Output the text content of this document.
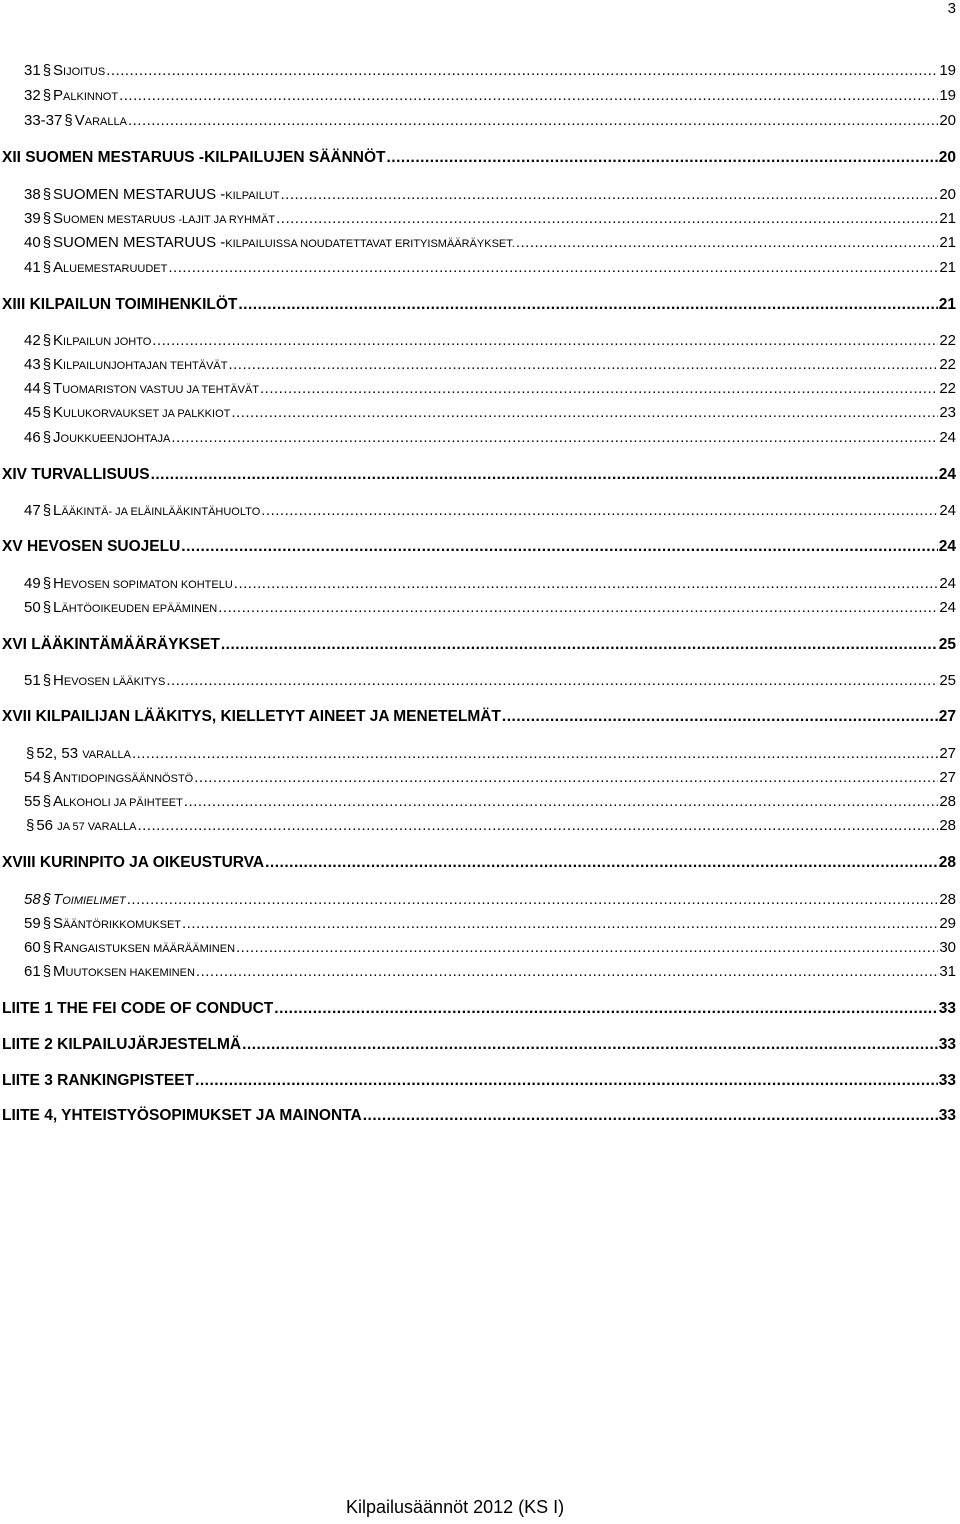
3
31 § SIJOITUS .....	19
32 § PALKINNOT .....	19
33-37 § VARALLA .....	20
XII SUOMEN MESTARUUS -KILPAILUJEN SÄÄNNÖT .....	20
38 § SUOMEN MESTARUUS -KILPAILUT .....	20
39 § SUOMEN MESTARUUS -LAJIT JA RYHMÄT .....	21
40 § SUOMEN MESTARUUS -KILPAILUISSA NOUDATETTAVAT ERITYISMÄÄRÄYKSET. .....	21
41 § ALUEMESTARUUDET .....	21
XIII KILPAILUN TOIMIHENKILÖT .....	21
42 § KILPAILUN JOHTO .....	22
43 § KILPAILUNJOHTAJAN TEHTÄVÄT .....	22
44 § TUOMARISTON VASTUU JA TEHTÄVÄT .....	22
45 § KULUKORVAUKSET JA PALKKIOT .....	23
46 § JOUKKUEENJOHTAJA .....	24
XIV TURVALLISUUS .....	24
47 § LÄÄKINTÄ- JA ELÄINLÄÄKINTÄHUOLTO .....	24
XV HEVOSEN SUOJELU .....	24
49 § HEVOSEN SOPIMATON KOHTELU .....	24
50 § LÄHTÖOIKEUDEN EPÄÄMINEN .....	24
XVI LÄÄKINTÄMÄÄRÄYKSET .....	25
51 § HEVOSEN LÄÄKITYS .....	25
XVII KILPAILIJAN LÄÄKITYS, KIELLETYT AINEET JA MENETELMÄT .....	27
§ 52, 53 VARALLA .....	27
54 § ANTIDOPINGSÄÄNNÖSTÖ .....	27
55 § ALKOHOLI JA PÄIHTEET .....	28
§ 56 JA 57 VARALLA .....	28
XVIII KURINPITO JA OIKEUSTURVA .....	28
58 § TOIMIELIMET .....	28
59 § SÄÄNTÖRIKKOMUKSET .....	29
60 § RANGAISTUKSEN MÄÄRÄÄMINEN .....	30
61 § MUUTOKSEN HAKEMINEN .....	31
LIITE 1 THE FEI CODE OF CONDUCT .....	33
LIITE 2 KILPAILUJÄRJESTELMÄ .....	33
LIITE 3 RANKINGPISTEET .....	33
LIITE 4, YHTEISTYÖSOPIMUKSET JA MAINONTA .....	33
Kilpailusäännöt 2012 (KS I)
